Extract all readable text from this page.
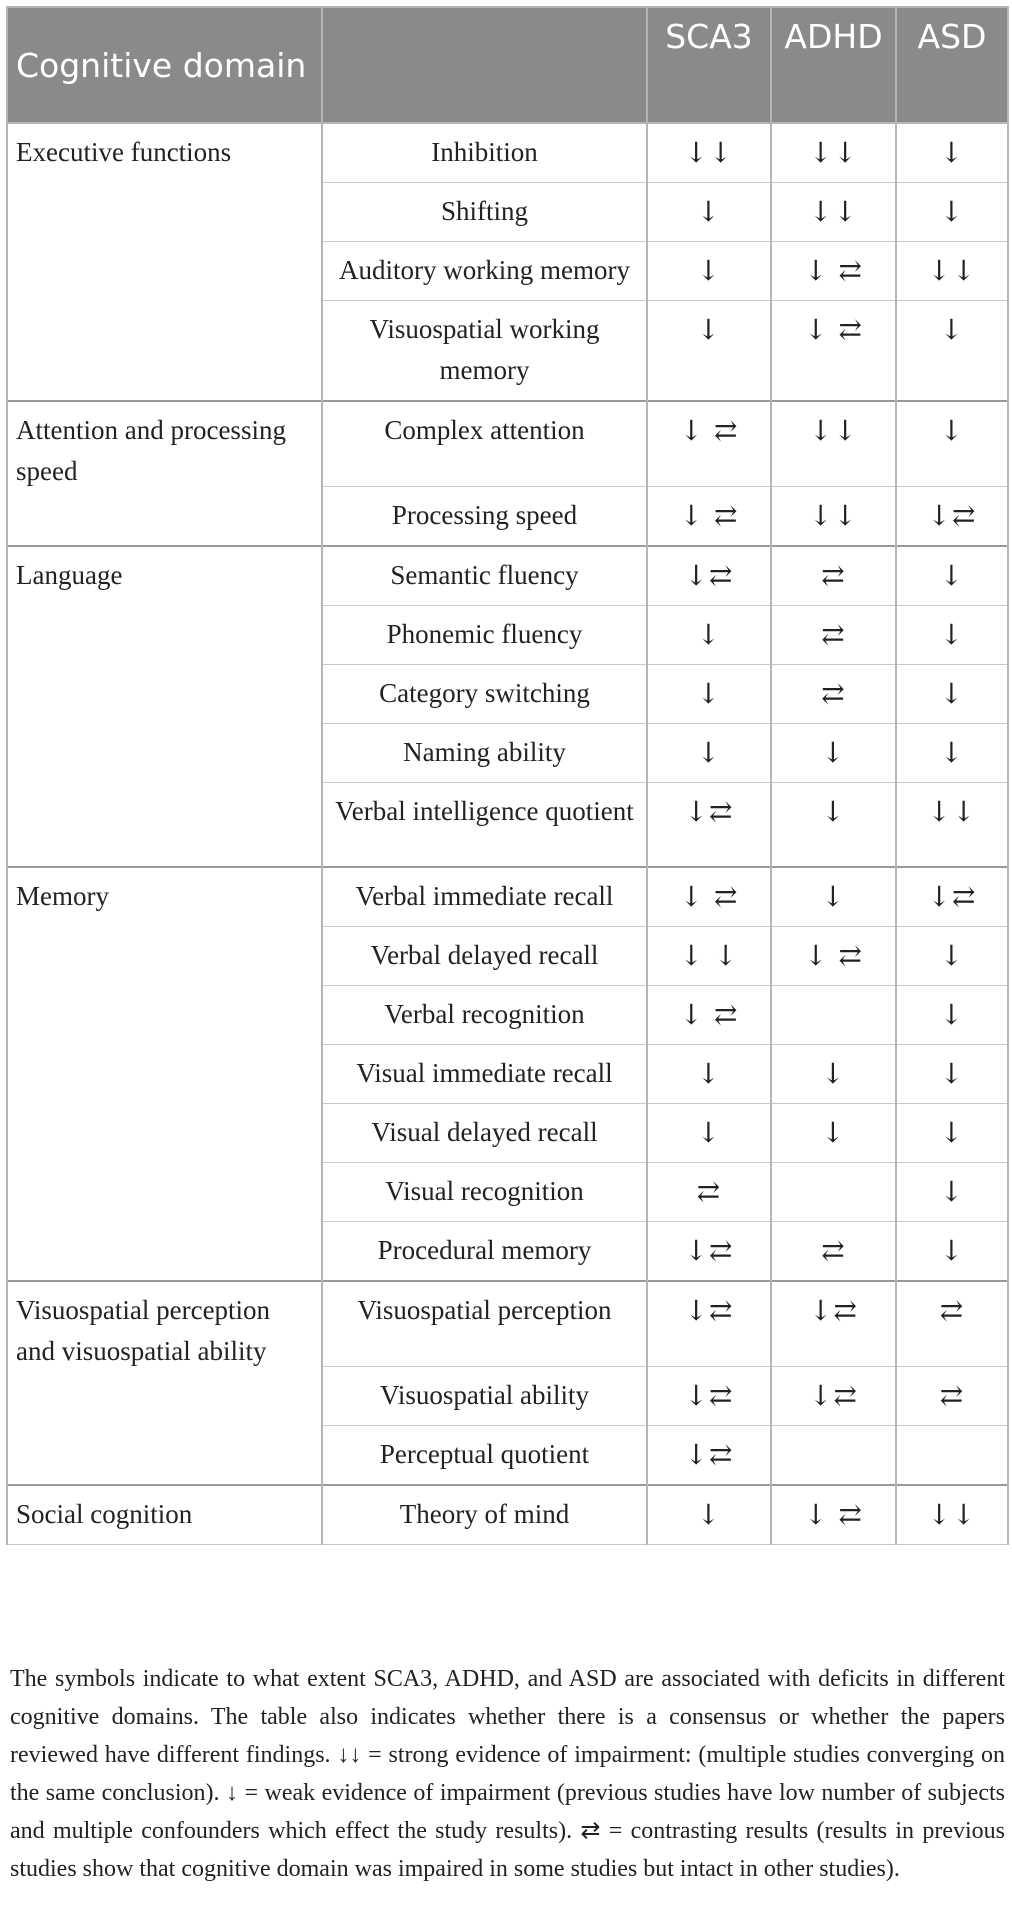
Cognitive domain		SCA3	ADHD	ASD
Executive functions	Inhibition	↓↓	↓↓	↓
	Shifting	↓	↓↓	↓
	Auditory working memory	↓	↓ ⇄	↓↓
	Visuospatial working memory	↓	↓ ⇄	↓
Attention and processing speed	Complex attention	↓ ⇄	↓↓	↓
	Processing speed	↓ ⇄	↓↓	↓⇄
Language	Semantic fluency	↓⇄	⇄	↓
	Phonemic fluency	↓	⇄	↓
	Category switching	↓	⇄	↓
	Naming ability	↓	↓	↓
	Verbal intelligence quotient	↓⇄	↓	↓↓
Memory	Verbal immediate recall	↓ ⇄	↓	↓⇄
	Verbal delayed recall	↓ ↓	↓ ⇄	↓
	Verbal recognition	↓ ⇄		↓
	Visual immediate recall	↓	↓	↓
	Visual delayed recall	↓	↓	↓
	Visual recognition	⇄		↓
	Procedural memory	↓⇄	⇄	↓
Visuospatial perception and visuospatial ability	Visuospatial perception	↓⇄	↓⇄	⇄
	Visuospatial ability	↓⇄	↓⇄	⇄
	Perceptual quotient	↓⇄		
Social cognition	Theory of mind	↓	↓ ⇄	↓↓
The symbols indicate to what extent SCA3, ADHD, and ASD are associated with deficits in different cognitive domains. The table also indicates whether there is a consensus or whether the papers reviewed have different findings. ↓↓ = strong evidence of impairment: (multiple studies converging on the same conclusion). ↓ = weak evidence of impairment (previous studies have low number of subjects and multiple confounders which effect the study results). ⇄ = contrasting results (results in previous studies show that cognitive domain was impaired in some studies but intact in other studies).
